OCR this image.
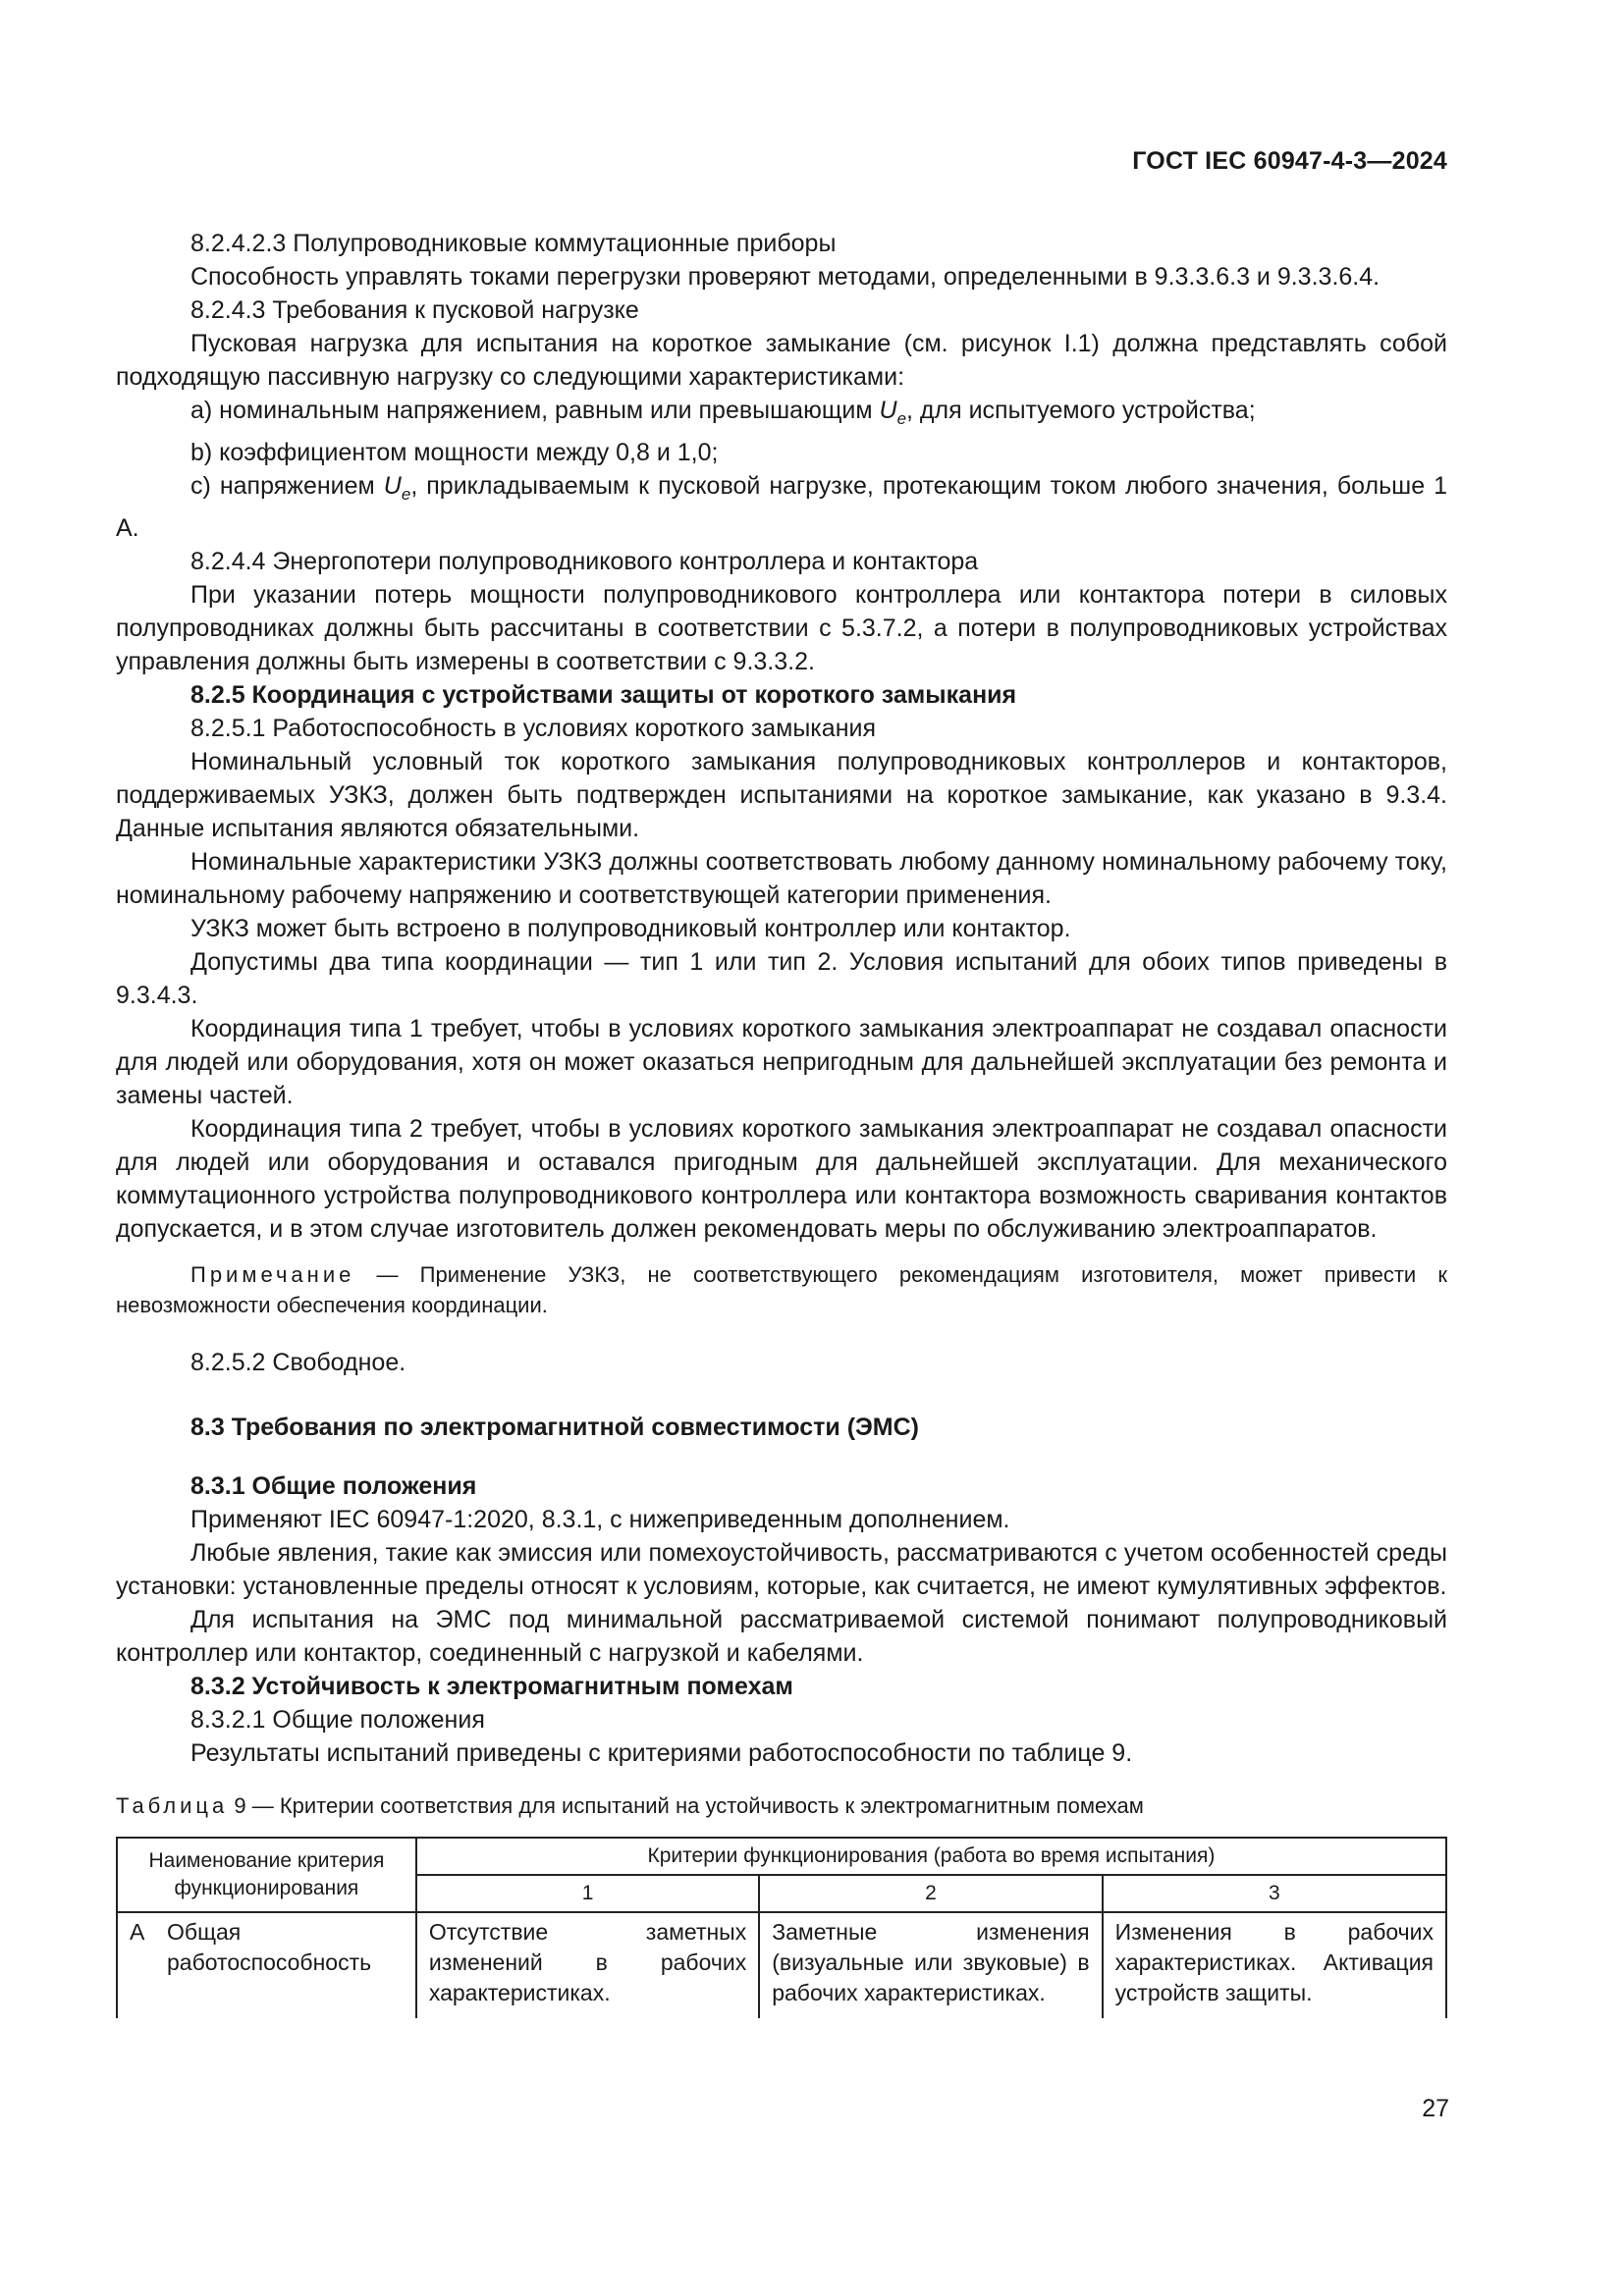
ГОСТ IEC 60947-4-3—2024

8.2.4.2.3 Полупроводниковые коммутационные приборы

Способность управлять токами перегрузки проверяют методами, определенными в 9.3.3.6.3 и 9.3.3.6.4.

8.2.4.3 Требования к пусковой нагрузке

Пусковая нагрузка для испытания на короткое замыкание (см. рисунок I.1) должна представлять собой подходящую пассивную нагрузку со следующими характеристиками:

a) номинальным напряжением, равным или превышающим $U_e$, для испытуемого устройства;

b) коэффициентом мощности между 0,8 и 1,0;

c) напряжением $U_e$, прикладываемым к пусковой нагрузке, протекающим током любого значения, больше 1 А.

8.2.4.4 Энергопотери полупроводникового контроллера и контактора

При указании потерь мощности полупроводникового контроллера или контактора потери в силовых полупроводниках должны быть рассчитаны в соответствии с 5.3.7.2, а потери в полупроводниковых устройствах управления должны быть измерены в соответствии с 9.3.3.2.

8.2.5 Координация с устройствами защиты от короткого замыкания

8.2.5.1 Работоспособность в условиях короткого замыкания

Номинальный условный ток короткого замыкания полупроводниковых контроллеров и контакторов, поддерживаемых УЗКЗ, должен быть подтвержден испытаниями на короткое замыкание, как указано в 9.3.4. Данные испытания являются обязательными.

Номинальные характеристики УЗКЗ должны соответствовать любому данному номинальному рабочему току, номинальному рабочему напряжению и соответствующей категории применения.

УЗКЗ может быть встроено в полупроводниковый контроллер или контактор.

Допустимы два типа координации — тип 1 или тип 2. Условия испытаний для обоих типов приведены в 9.3.4.3.

Координация типа 1 требует, чтобы в условиях короткого замыкания электроаппарат не создавал опасности для людей или оборудования, хотя он может оказаться непригодным для дальнейшей эксплуатации без ремонта и замены частей.

Координация типа 2 требует, чтобы в условиях короткого замыкания электроаппарат не создавал опасности для людей или оборудования и оставался пригодным для дальнейшей эксплуатации. Для механического коммутационного устройства полупроводникового контроллера или контактора возможность сваривания контактов допускается, и в этом случае изготовитель должен рекомендовать меры по обслуживанию электроаппаратов.

Примечание — Применение УЗКЗ, не соответствующего рекомендациям изготовителя, может привести к невозможности обеспечения координации.

8.2.5.2 Свободное.

8.3 Требования по электромагнитной совместимости (ЭМС)

8.3.1 Общие положения

Применяют IEC 60947-1:2020, 8.3.1, с нижеприведенным дополнением.

Любые явления, такие как эмиссия или помехоустойчивость, рассматриваются с учетом особенностей среды установки: установленные пределы относят к условиям, которые, как считается, не имеют кумулятивных эффектов.

Для испытания на ЭМС под минимальной рассматриваемой системой понимают полупроводниковый контроллер или контактор, соединенный с нагрузкой и кабелями.

8.3.2 Устойчивость к электромагнитным помехам

8.3.2.1 Общие положения

Результаты испытаний приведены с критериями работоспособности по таблице 9.

Таблица 9 — Критерии соответствия для испытаний на устойчивость к электромагнитным помехам

Наименование критерия функционирования	Критерии функционирования (работа во время испытания)		
	1	2	3

A Общая работоспособность	Отсутствие заметных изменений в рабочих характеристиках.	Заметные изменения (визуальные или звуковые) в рабочих характеристиках.	Изменения в рабочих характеристиках. Активация устройств защиты.
27
